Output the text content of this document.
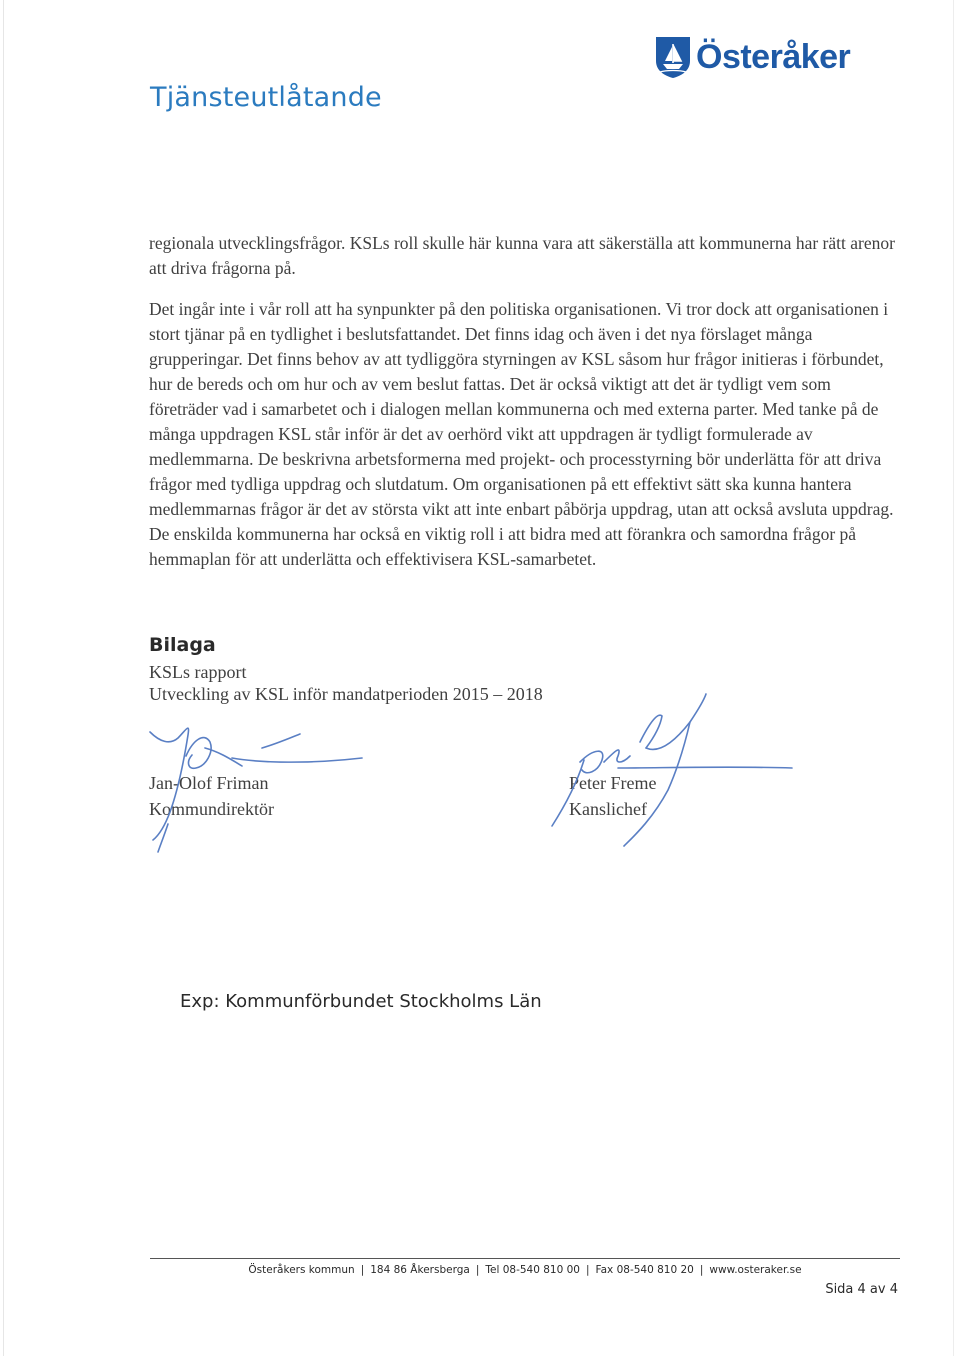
Tjänsteutlåtande
Österåker

regionala utvecklingsfrågor. KSLs roll skulle här kunna vara att säkerställa att kommunerna har rätt arenor att driva frågorna på.

Det ingår inte i vår roll att ha synpunkter på den politiska organisationen. Vi tror dock att organisationen i stort tjänar på en tydlighet i beslutsfattandet. Det finns idag och även i det nya förslaget många grupperingar. Det finns behov av att tydliggöra styrningen av KSL såsom hur frågor initieras i förbundet, hur de bereds och om hur och av vem beslut fattas. Det är också viktigt att det är tydligt vem som företräder vad i samarbetet och i dialogen mellan kommunerna och med externa parter. Med tanke på de många uppdragen KSL står inför är det av oerhörd vikt att uppdragen är tydligt formulerade av medlemmarna. De beskrivna arbetsformerna med projekt- och processtyrning bör underlätta för att driva frågor med tydliga uppdrag och slutdatum. Om organisationen på ett effektivt sätt ska kunna hantera medlemmarnas frågor är det av största vikt att inte enbart påbörja uppdrag, utan att också avsluta uppdrag. De enskilda kommunerna har också en viktig roll i att bidra med att förankra och samordna frågor på hemmaplan för att underlätta och effektivisera KSL-samarbetet.

Bilaga
KSLs rapport
Utveckling av KSL inför mandatperioden 2015 – 2018
Jan-Olof Friman
Kommundirektör
Peter Freme
Kanslichef
Exp: Kommunförbundet Stockholms Län
Österåkers kommun | 184 86 Åkersberga | Tel 08-540 810 00 | Fax 08-540 810 20 | www.osteraker.se
Sida 4 av 4
